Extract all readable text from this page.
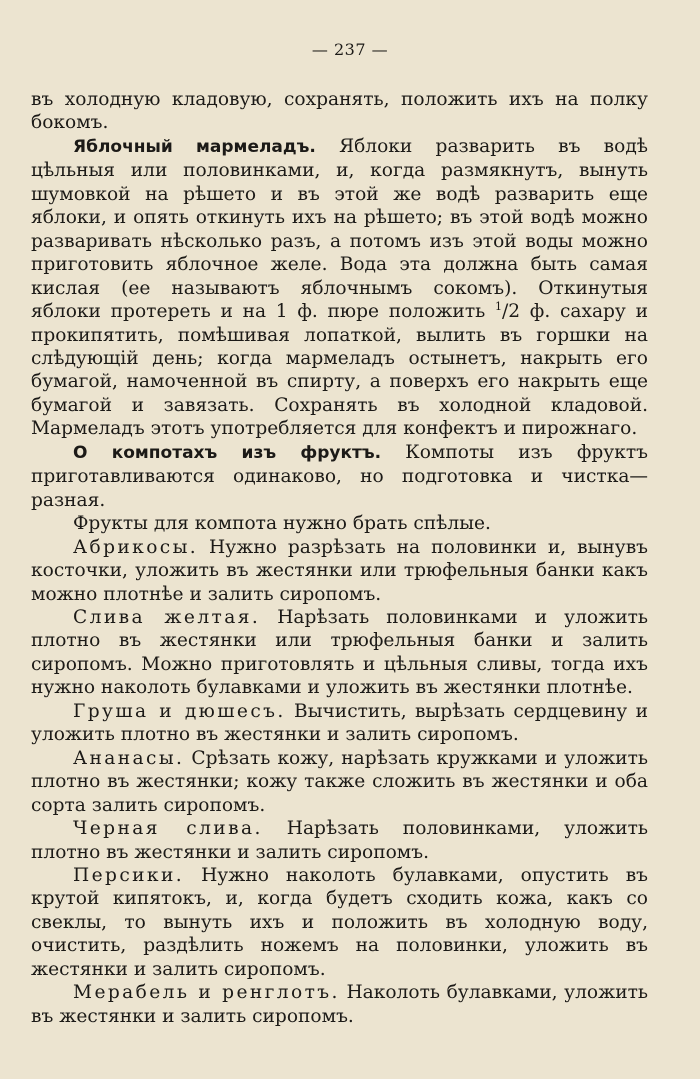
— 237 —

въ холодную кладовую, сохранять, положить ихъ на полку бокомъ.

Яблочный мармеладъ. Яблоки разварить въ водѣ цѣльныя или половинками, и, когда размякнутъ, вынуть шумовкой на рѣшето и въ этой же водѣ разварить еще яблоки, и опять откинуть ихъ на рѣшето; въ этой водѣ можно разваривать нѣсколько разъ, а потомъ изъ этой воды можно приготовить яблочное желе. Вода эта должна быть самая кислая (ее называютъ яблочнымъ сокомъ). Откинутыя яблоки протереть и на 1 ф. пюре положить $^1$/2 ф. сахару и прокипятить, помѣшивая лопаткой, вылить въ горшки на слѣдующій день; когда мармеладъ остынетъ, накрыть его бумагой, намоченной въ спирту, а поверхъ его накрыть еще бумагой и завязать. Сохранять въ холодной кладовой. Мармеладъ этотъ употребляется для конфектъ и пирожнаго.

О компотахъ изъ фруктъ. Компоты изъ фруктъ приготавливаются одинаково, но подготовка и чистка—разная.

Фрукты для компота нужно брать спѣлые.

Абрикосы. Нужно разрѣзать на половинки и, вынувъ косточки, уложить въ жестянки или трюфельныя банки какъ можно плотнѣе и залить сиропомъ.

Слива желтая. Нарѣзать половинками и уложить плотно въ жестянки или трюфельныя банки и залить сиропомъ. Можно приготовлять и цѣльныя сливы, тогда ихъ нужно наколоть булавками и уложить въ жестянки плотнѣе.

Груша и дюшесъ. Вычистить, вырѣзать сердцевину и уложить плотно въ жестянки и залить сиропомъ.

Ананасы. Срѣзать кожу, нарѣзать кружками и уложить плотно въ жестянки; кожу также сложить въ жестянки и оба сорта залить сиропомъ.

Черная слива. Нарѣзать половинками, уложить плотно въ жестянки и залить сиропомъ.

Персики. Нужно наколоть булавками, опустить въ крутой кипятокъ, и, когда будетъ сходить кожа, какъ со свеклы, то вынуть ихъ и положить въ холодную воду, очистить, раздѣлить ножемъ на половинки, уложить въ жестянки и залить сиропомъ.

Мерабель и ренглотъ. Наколоть булавками, уложить въ жестянки и залить сиропомъ.
